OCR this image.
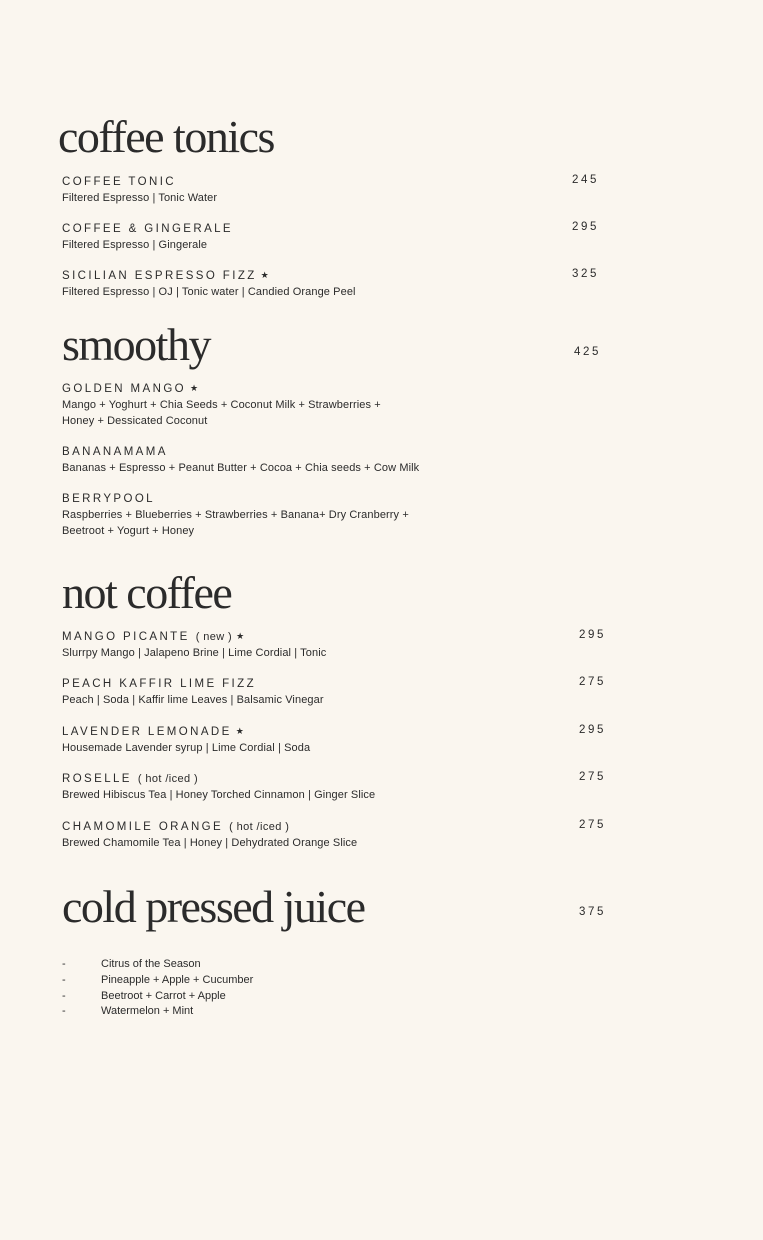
coffee tonics
COFFEE TONIC
Filtered Espresso | Tonic Water
245
COFFEE & GINGERALE
Filtered Espresso | Gingerale
295
SICILIAN ESPRESSO FIZZ ★
Filtered Espresso | OJ | Tonic water | Candied Orange Peel
325
smoothy	425
GOLDEN MANGO ★
Mango + Yoghurt + Chia Seeds + Coconut Milk + Strawberries +
Honey + Dessicated Coconut
BANANAMAMA
Bananas + Espresso + Peanut Butter + Cocoa + Chia seeds + Cow Milk
BERRYPOOL
Raspberries + Blueberries + Strawberries + Banana+ Dry Cranberry +
Beetroot + Yogurt + Honey
not coffee
MANGO PICANTE ( new ) ★
Slurrpy Mango | Jalapeno Brine | Lime Cordial | Tonic
295
PEACH KAFFIR LIME FIZZ
Peach | Soda | Kaffir lime Leaves | Balsamic Vinegar
275
LAVENDER LEMONADE ★
Housemade Lavender syrup | Lime Cordial | Soda
295
ROSELLE ( hot /iced )
Brewed Hibiscus Tea | Honey Torched Cinnamon | Ginger Slice
275
CHAMOMILE ORANGE ( hot /iced )
Brewed Chamomile Tea | Honey | Dehydrated Orange Slice
275
cold pressed juice	375
-	Citrus of the Season
-	Pineapple + Apple + Cucumber
-	Beetroot + Carrot + Apple
-	Watermelon + Mint
